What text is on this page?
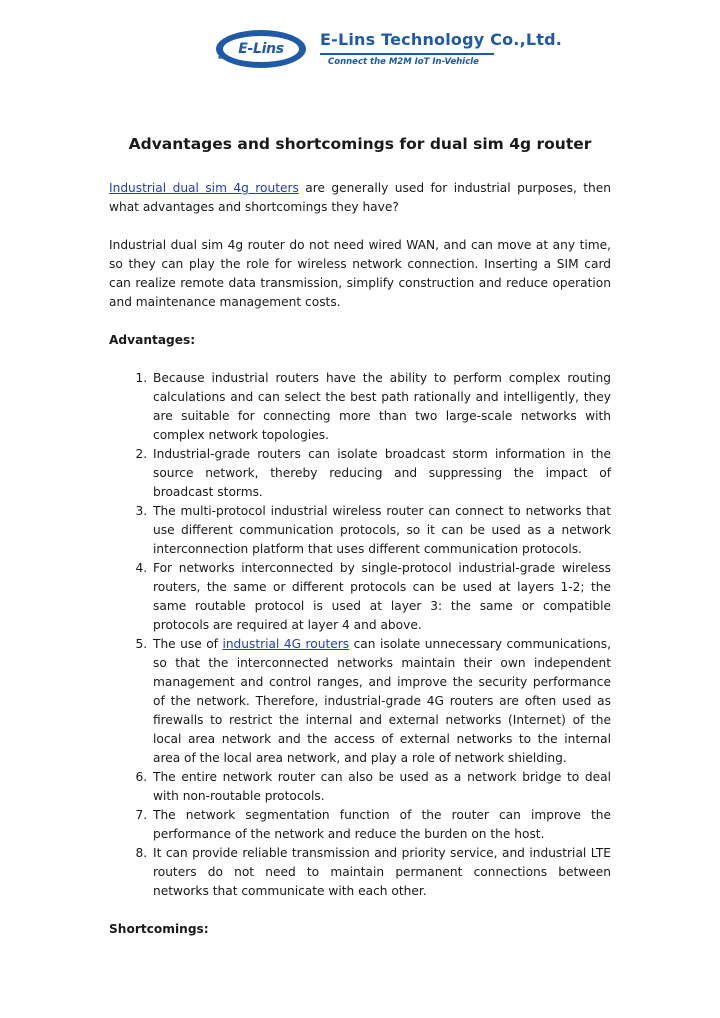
E-Lins	E-Lins Technology Co.,Ltd.
Connect the M2M IoT In-Vehicle
Advantages and shortcomings for dual sim 4g router

Industrial dual sim 4g routers are generally used for industrial purposes, then what advantages and shortcomings they have?

Industrial dual sim 4g router do not need wired WAN, and can move at any time, so they can play the role for wireless network connection. Inserting a SIM card can realize remote data transmission, simplify construction and reduce operation and maintenance management costs.

Advantages:
1. Because industrial routers have the ability to perform complex routing calculations and can select the best path rationally and intelligently, they are suitable for connecting more than two large-scale networks with complex network topologies.
2. Industrial-grade routers can isolate broadcast storm information in the source network, thereby reducing and suppressing the impact of broadcast storms.
3. The multi-protocol industrial wireless router can connect to networks that use different communication protocols, so it can be used as a network interconnection platform that uses different communication protocols.
4. For networks interconnected by single-protocol industrial-grade wireless routers, the same or different protocols can be used at layers 1-2; the same routable protocol is used at layer 3: the same or compatible protocols are required at layer 4 and above.
5. The use of industrial 4G routers can isolate unnecessary communications, so that the interconnected networks maintain their own independent management and control ranges, and improve the security performance of the network. Therefore, industrial-grade 4G routers are often used as firewalls to restrict the internal and external networks (Internet) of the local area network and the access of external networks to the internal area of the local area network, and play a role of network shielding.
6. The entire network router can also be used as a network bridge to deal with non-routable protocols.
7. The network segmentation function of the router can improve the performance of the network and reduce the burden on the host.
8. It can provide reliable transmission and priority service, and industrial LTE routers do not need to maintain permanent connections between networks that communicate with each other.
Shortcomings:
